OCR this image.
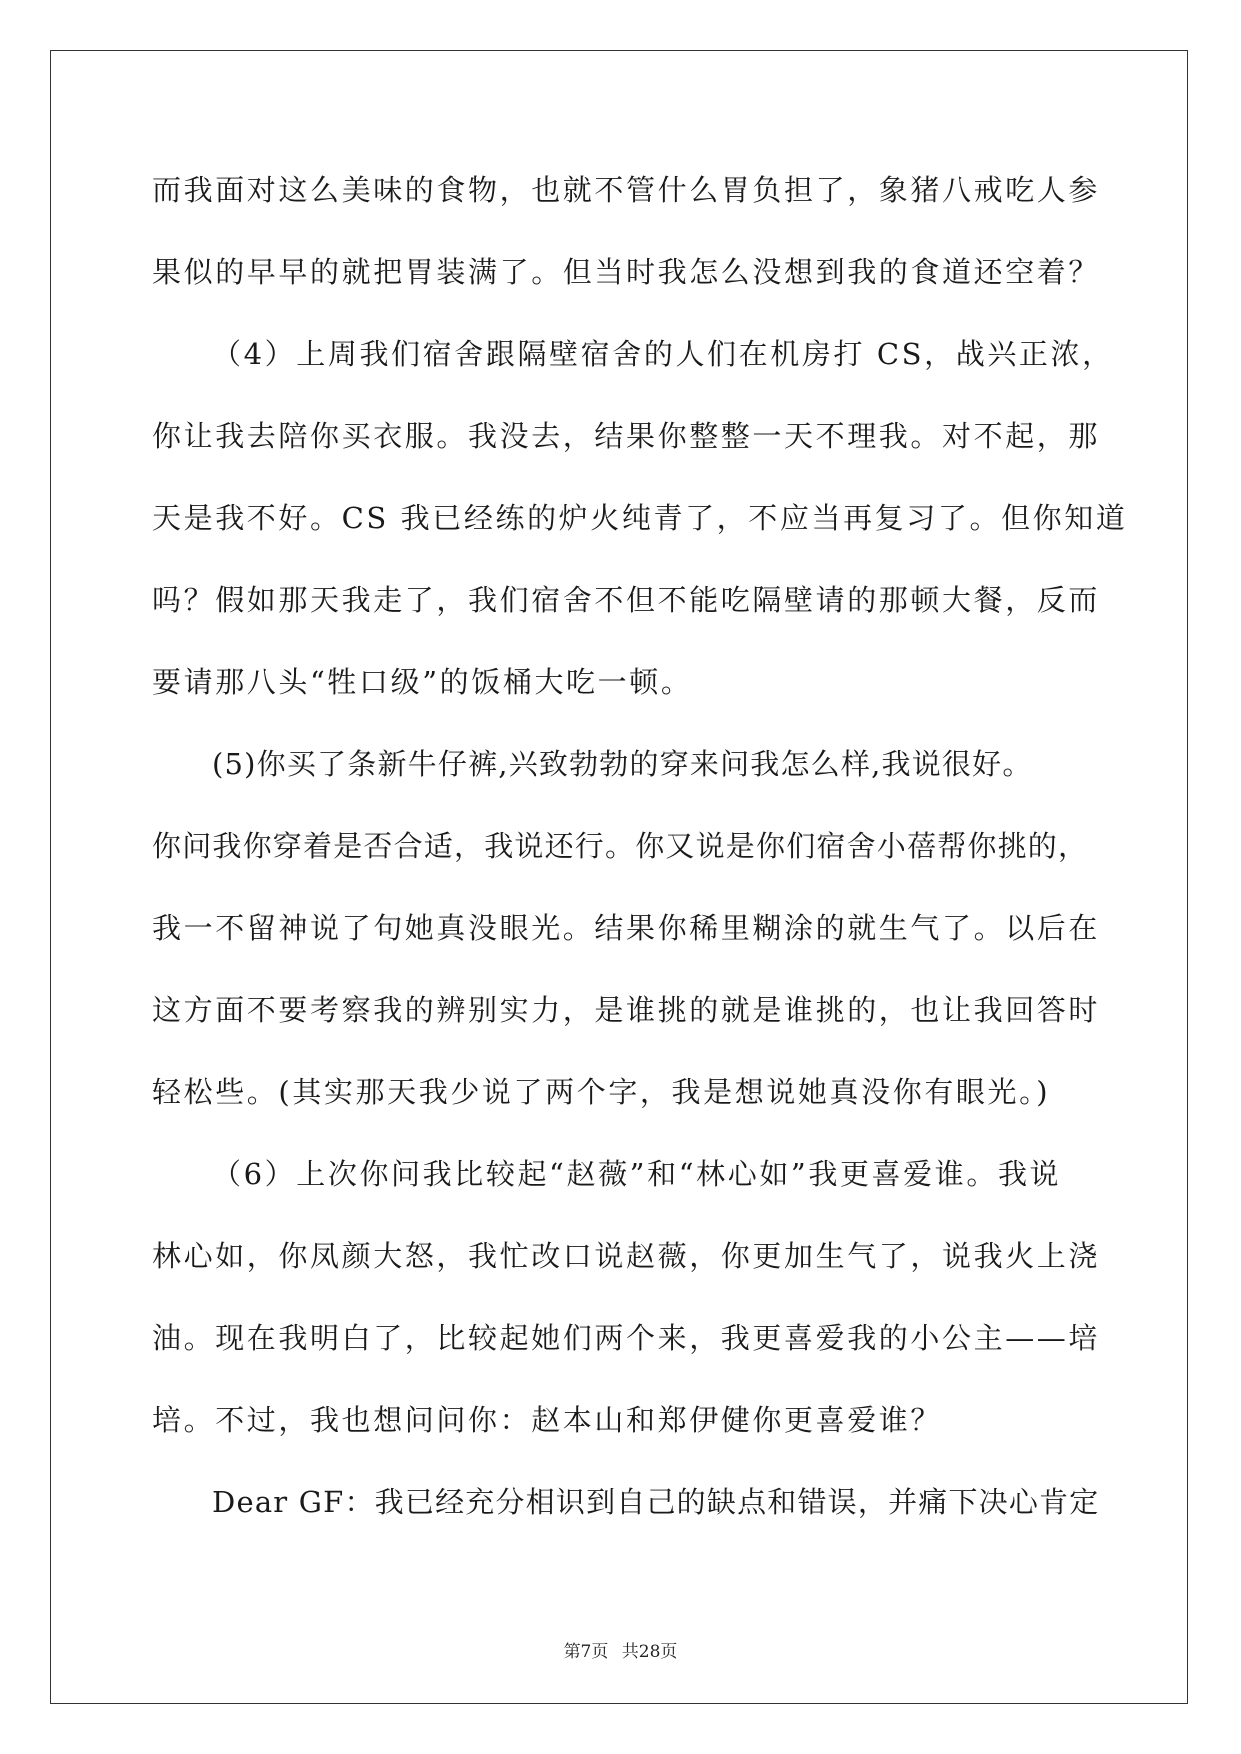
而我面对这么美味的食物，也就不管什么胃负担了，象猪八戒吃人参
果似的早早的就把胃装满了。但当时我怎么没想到我的食道还空着？
（4）上周我们宿舍跟隔壁宿舍的人们在机房打 CS，战兴正浓，
你让我去陪你买衣服。我没去，结果你整整一天不理我。对不起，那
天是我不好。CS 我已经练的炉火纯青了，不应当再复习了。但你知道
吗？假如那天我走了，我们宿舍不但不能吃隔壁请的那顿大餐，反而
要请那八头“牲口级”的饭桶大吃一顿。
(5)你买了条新牛仔裤,兴致勃勃的穿来问我怎么样,我说很好。
你问我你穿着是否合适，我说还行。你又说是你们宿舍小蓓帮你挑的，
我一不留神说了句她真没眼光。结果你稀里糊涂的就生气了。以后在
这方面不要考察我的辨别实力，是谁挑的就是谁挑的，也让我回答时
轻松些。(其实那天我少说了两个字，我是想说她真没你有眼光。)
（6）上次你问我比较起“赵薇”和“林心如”我更喜爱谁。我说
林心如，你凤颜大怒，我忙改口说赵薇，你更加生气了，说我火上浇
油。现在我明白了，比较起她们两个来，我更喜爱我的小公主——培
培。不过，我也想问问你：赵本山和郑伊健你更喜爱谁？
Dear GF：我已经充分相识到自己的缺点和错误，并痛下决心肯定
第7页 共28页
